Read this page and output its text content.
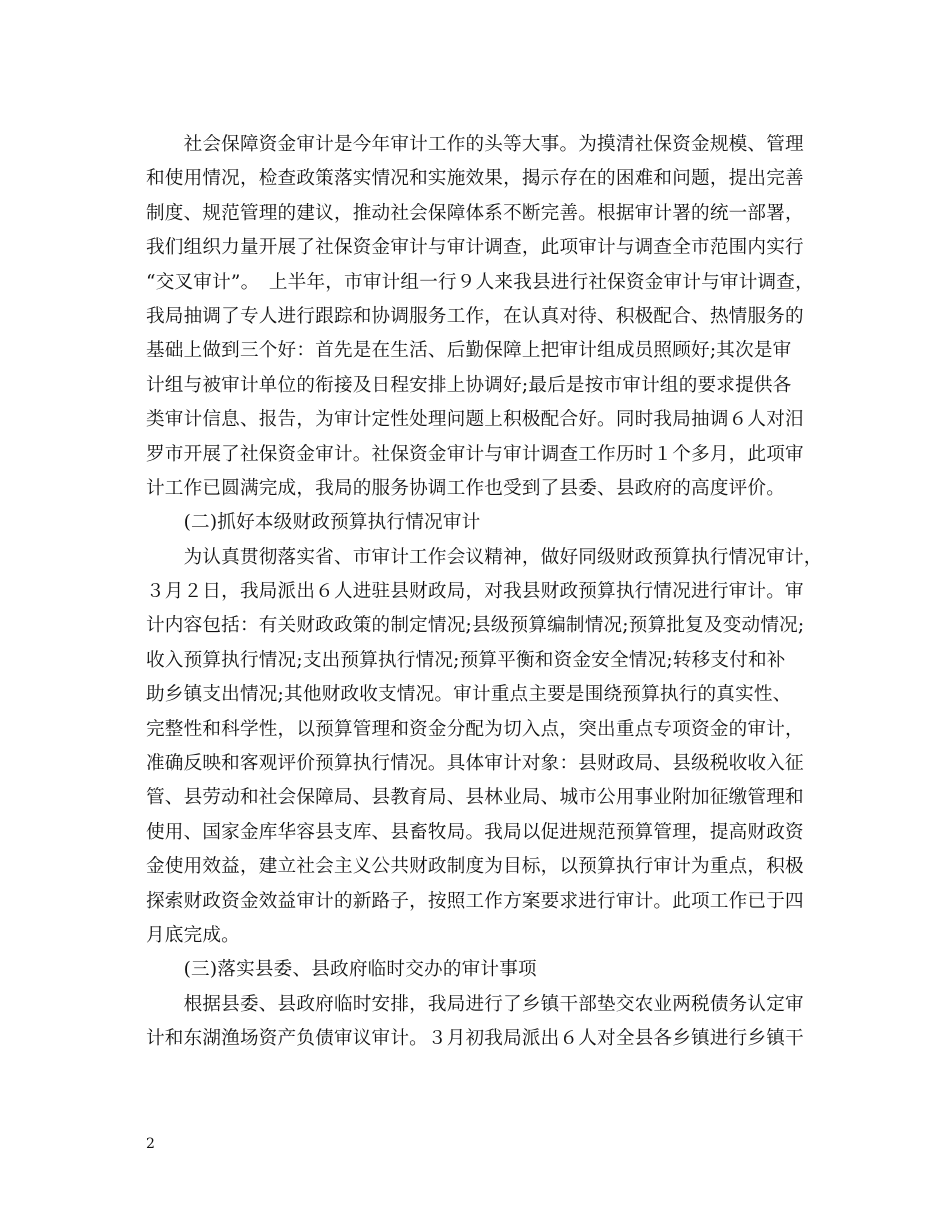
　　社会保障资金审计是今年审计工作的头等大事。为摸清社保资金规模、管理
和使用情况，检查政策落实情况和实施效果，揭示存在的困难和问题，提出完善
制度、规范管理的建议，推动社会保障体系不断完善。根据审计署的统一部署，
我们组织力量开展了社保资金审计与审计调查，此项审计与调查全市范围内实行
“交叉审计”。　上半年，市审计组一行９人来我县进行社保资金审计与审计调查，
我局抽调了专人进行跟踪和协调服务工作，在认真对待、积极配合、热情服务的
基础上做到三个好：首先是在生活、后勤保障上把审计组成员照顾好;其次是审
计组与被审计单位的衔接及日程安排上协调好;最后是按市审计组的要求提供各
类审计信息、报告，为审计定性处理问题上积极配合好。同时我局抽调６人对汨
罗市开展了社保资金审计。社保资金审计与审计调查工作历时１个多月，此项审
计工作已圆满完成，我局的服务协调工作也受到了县委、县政府的高度评价。
　　(二)抓好本级财政预算执行情况审计
　　为认真贯彻落实省、市审计工作会议精神，做好同级财政预算执行情况审计，
３月２日，我局派出６人进驻县财政局，对我县财政预算执行情况进行审计。审
计内容包括：有关财政政策的制定情况;县级预算编制情况;预算批复及变动情况;
收入预算执行情况;支出预算执行情况;预算平衡和资金安全情况;转移支付和补
助乡镇支出情况;其他财政收支情况。审计重点主要是围绕预算执行的真实性、
完整性和科学性，以预算管理和资金分配为切入点，突出重点专项资金的审计，
准确反映和客观评价预算执行情况。具体审计对象：县财政局、县级税收收入征
管、县劳动和社会保障局、县教育局、县林业局、城市公用事业附加征缴管理和
使用、国家金库华容县支库、县畜牧局。我局以促进规范预算管理，提高财政资
金使用效益，建立社会主义公共财政制度为目标，以预算执行审计为重点，积极
探索财政资金效益审计的新路子，按照工作方案要求进行审计。此项工作已于四
月底完成。
　　(三)落实县委、县政府临时交办的审计事项
　　根据县委、县政府临时安排，我局进行了乡镇干部垫交农业两税债务认定审
计和东湖渔场资产负债审议审计。３月初我局派出６人对全县各乡镇进行乡镇干
2
